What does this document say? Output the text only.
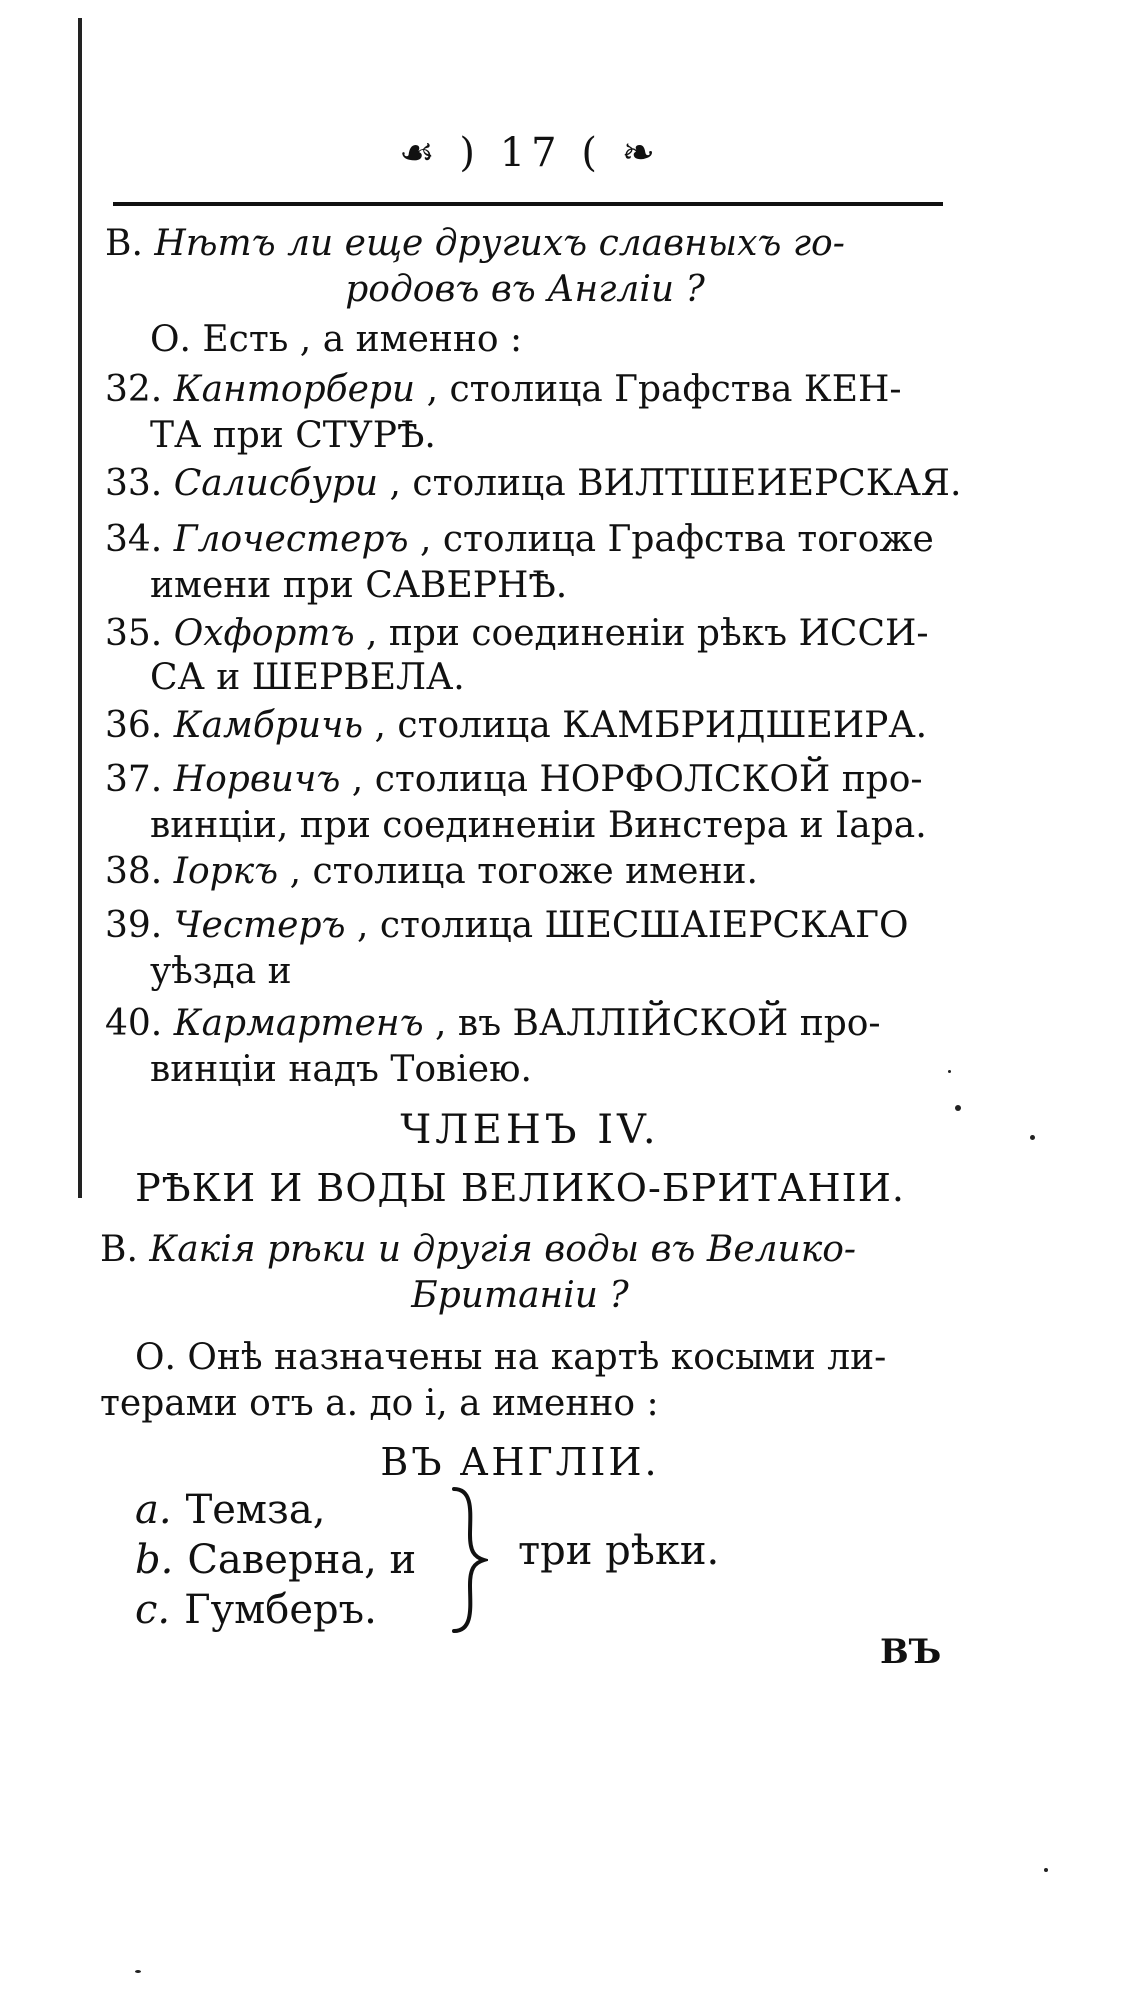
☙ ) 17 ( ❧
В. Нѣтъ ли еще другихъ славныхъ го-
родовъ въ Англіи ?
О. Есть , а именно :
32. Канторбери , столица Графства КЕН-
ТА при СТУРѢ.
33. Салисбури , столица ВИЛТШЕИЕРСКАЯ.
34. Глочестеръ , столица Графства тогоже
имени при САВЕРНѢ.
35. Охфортъ , при соединеніи рѣкъ ИССИ-
СА и ШЕРВЕЛА.
36. Камбричь , столица КАМБРИДШЕИРА.
37. Норвичъ , столица НОРФОЛСКОЙ про-
винціи, при соединеніи Винстера и Іара.
38. Іоркъ , столица тогоже имени.
39. Честеръ , столица ШЕСШАІЕРСКАГО
уѣзда и
40. Кармартенъ , въ ВАЛЛІЙСКОЙ про-
винціи надъ Товіею.
ЧЛЕНЪ IV.
РѢКИ И ВОДЫ ВЕЛИКО-БРИТАНІИ.
В. Какія рѣки и другія воды въ Велико-
Британіи ?
О. Онѣ назначены на картѣ косыми ли-
терами отъ а. до і, а именно :
ВЪ АНГЛІИ.
a. Темза,
b. Саверна, и
c. Гумберъ.
три рѣки.
ВЪ
